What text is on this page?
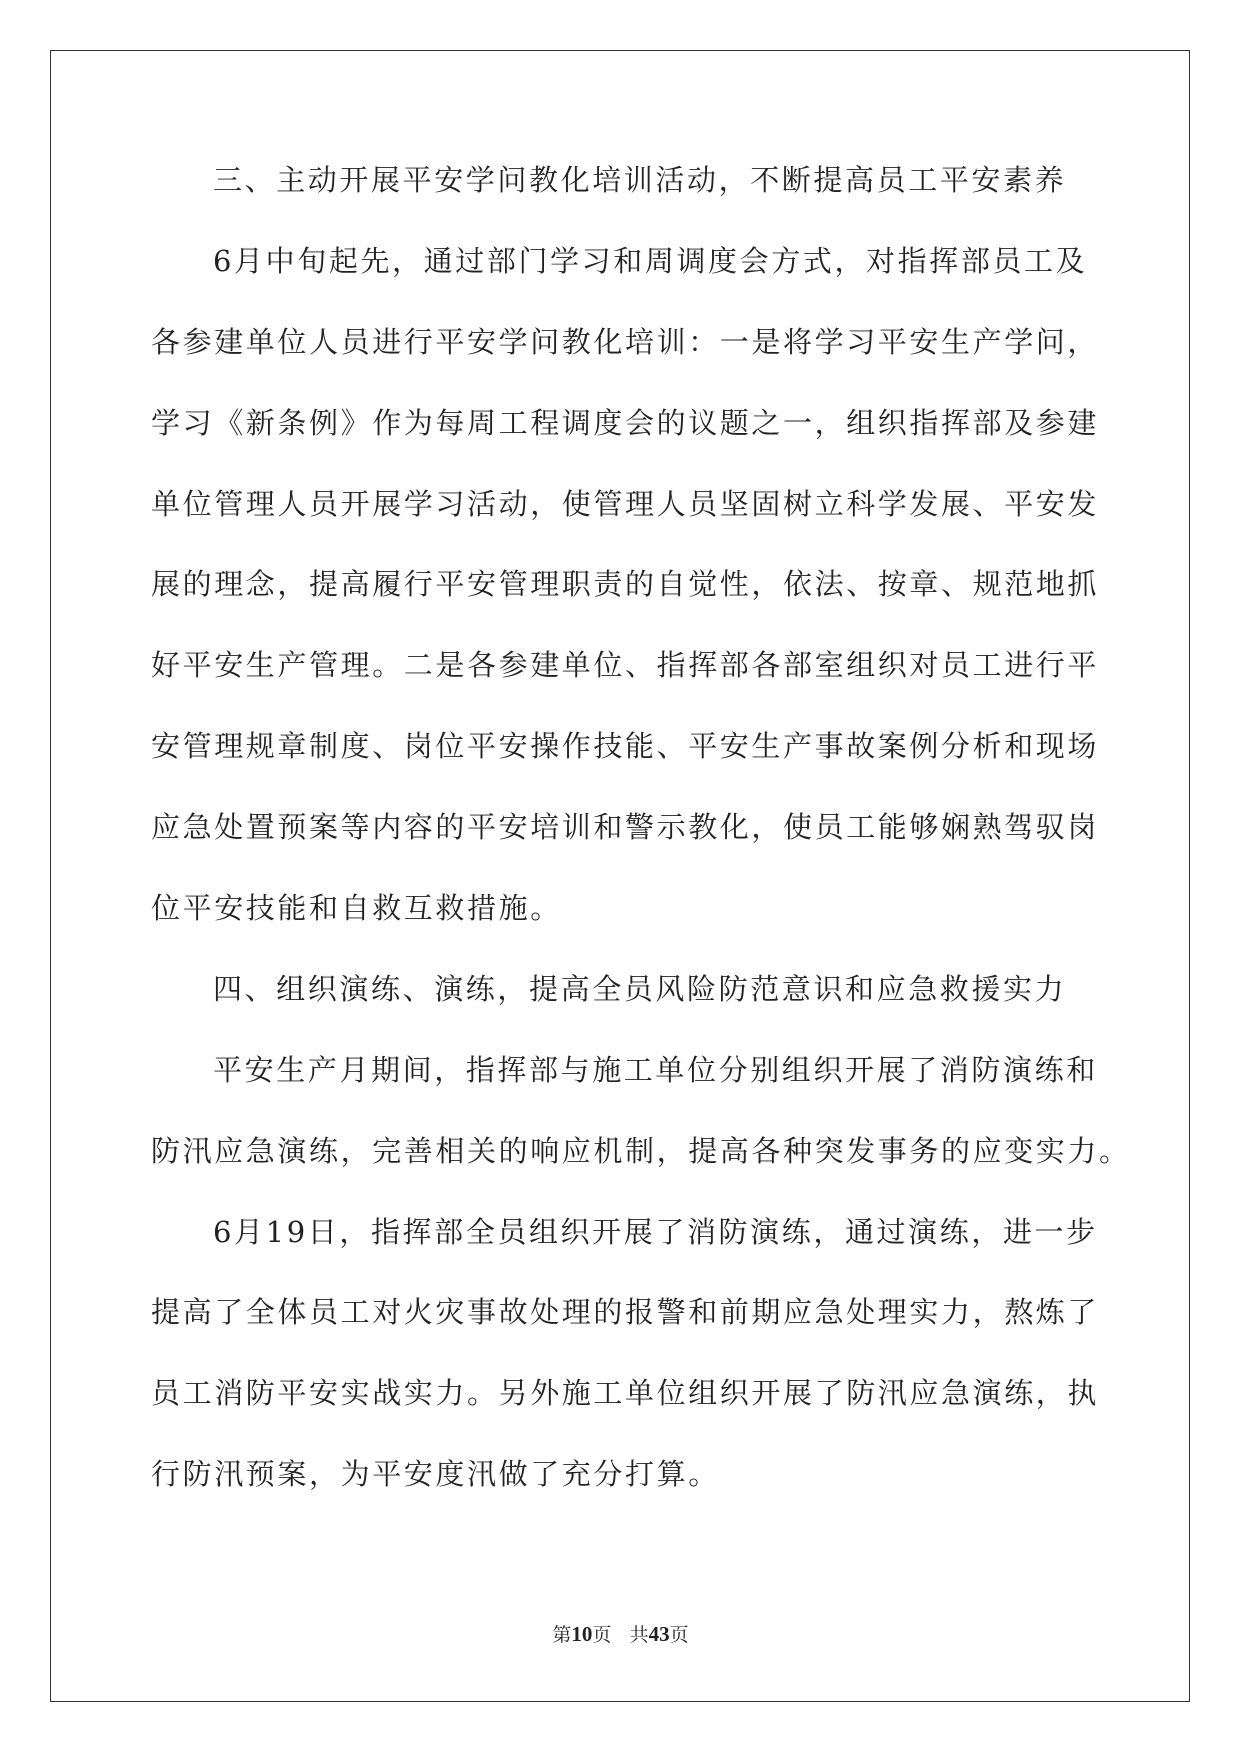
三、主动开展平安学问教化培训活动，不断提高员工平安素养
6月中旬起先，通过部门学习和周调度会方式，对指挥部员工及
各参建单位人员进行平安学问教化培训：一是将学习平安生产学问，
学习《新条例》作为每周工程调度会的议题之一，组织指挥部及参建
单位管理人员开展学习活动，使管理人员坚固树立科学发展、平安发
展的理念，提高履行平安管理职责的自觉性，依法、按章、规范地抓
好平安生产管理。二是各参建单位、指挥部各部室组织对员工进行平
安管理规章制度、岗位平安操作技能、平安生产事故案例分析和现场
应急处置预案等内容的平安培训和警示教化，使员工能够娴熟驾驭岗
位平安技能和自救互救措施。
四、组织演练、演练，提高全员风险防范意识和应急救援实力
平安生产月期间，指挥部与施工单位分别组织开展了消防演练和
防汛应急演练，完善相关的响应机制，提高各种突发事务的应变实力。
6月19日，指挥部全员组织开展了消防演练，通过演练，进一步
提高了全体员工对火灾事故处理的报警和前期应急处理实力，熬炼了
员工消防平安实战实力。另外施工单位组织开展了防汛应急演练，执
行防汛预案，为平安度汛做了充分打算。
第10页 共43页
